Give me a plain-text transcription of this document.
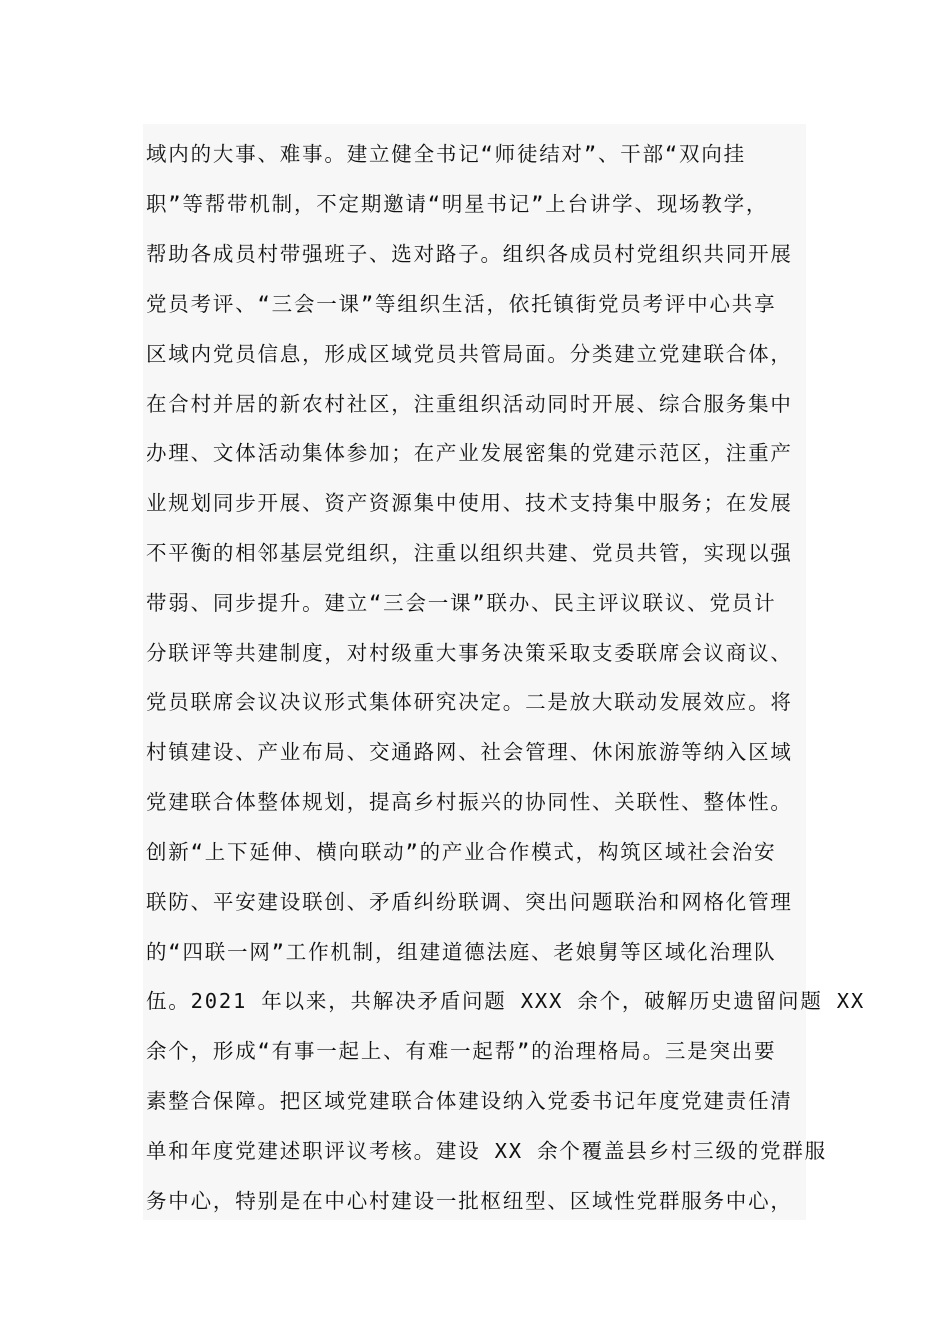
域内的大事、难事。建立健全书记“师徒结对”、干部“双向挂
职”等帮带机制，不定期邀请“明星书记”上台讲学、现场教学，
帮助各成员村带强班子、选对路子。组织各成员村党组织共同开展
党员考评、“三会一课”等组织生活，依托镇街党员考评中心共享
区域内党员信息，形成区域党员共管局面。分类建立党建联合体，
在合村并居的新农村社区，注重组织活动同时开展、综合服务集中
办理、文体活动集体参加；在产业发展密集的党建示范区，注重产
业规划同步开展、资产资源集中使用、技术支持集中服务；在发展
不平衡的相邻基层党组织，注重以组织共建、党员共管，实现以强
带弱、同步提升。建立“三会一课”联办、民主评议联议、党员计
分联评等共建制度，对村级重大事务决策采取支委联席会议商议、
党员联席会议决议形式集体研究决定。二是放大联动发展效应。将
村镇建设、产业布局、交通路网、社会管理、休闲旅游等纳入区域
党建联合体整体规划，提高乡村振兴的协同性、关联性、整体性。
创新“上下延伸、横向联动”的产业合作模式，构筑区域社会治安
联防、平安建设联创、矛盾纠纷联调、突出问题联治和网格化管理
的“四联一网”工作机制，组建道德法庭、老娘舅等区域化治理队
伍。2021 年以来，共解决矛盾问题 XXX 余个，破解历史遗留问题 XX
余个，形成“有事一起上、有难一起帮”的治理格局。三是突出要
素整合保障。把区域党建联合体建设纳入党委书记年度党建责任清
单和年度党建述职评议考核。建设 XX 余个覆盖县乡村三级的党群服
务中心，特别是在中心村建设一批枢纽型、区域性党群服务中心，
